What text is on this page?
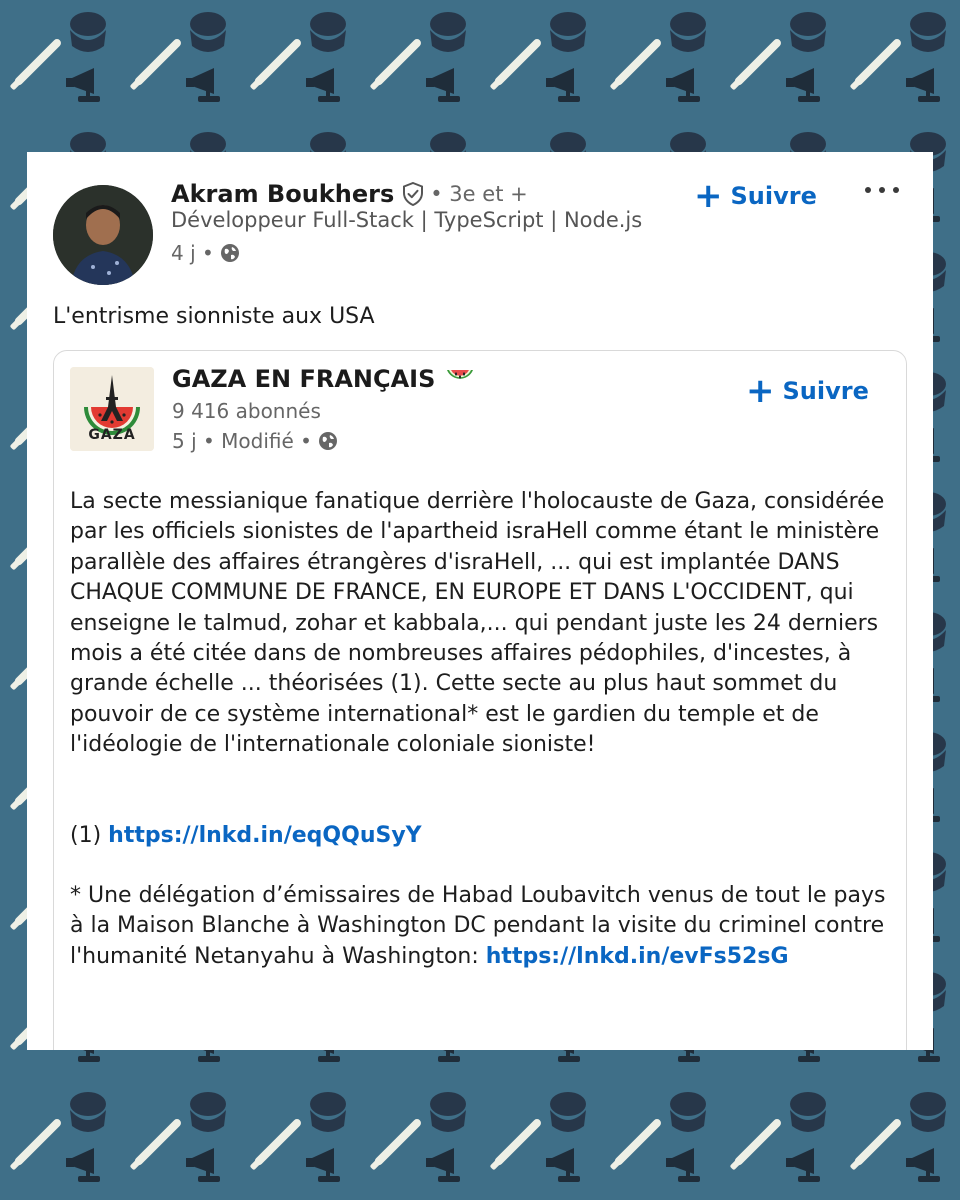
Akram Boukhers • 3e et +
Développeur Full-Stack | TypeScript | Node.js
4 j •
+ Suivre
L'entrisme sionniste aux USA
GAZA
GAZA EN FRANÇAIS
9 416 abonnés
5 j • Modifié •
+ Suivre

La secte messianique fanatique derrière l'holocauste de Gaza, considérée par les officiels sionistes de l'apartheid israHell comme étant le ministère parallèle des affaires étrangères d'israHell, ... qui est implantée DANS CHAQUE COMMUNE DE FRANCE, EN EUROPE ET DANS L'OCCIDENT, qui enseigne le talmud, zohar et kabbala,... qui pendant juste les 24 derniers mois a été citée dans de nombreuses affaires pédophiles, d'incestes, à grande échelle ... théorisées (1). Cette secte au plus haut sommet du pouvoir de ce système international* est le gardien du temple et de l'idéologie de l'internationale coloniale sioniste!

(1) https://lnkd.in/eqQQuSyY

* Une délégation d’émissaires de Habad Loubavitch venus de tout le pays à la Maison Blanche à Washington DC pendant la visite du criminel contre l'humanité Netanyahu à Washington: https://lnkd.in/evFs52sG
